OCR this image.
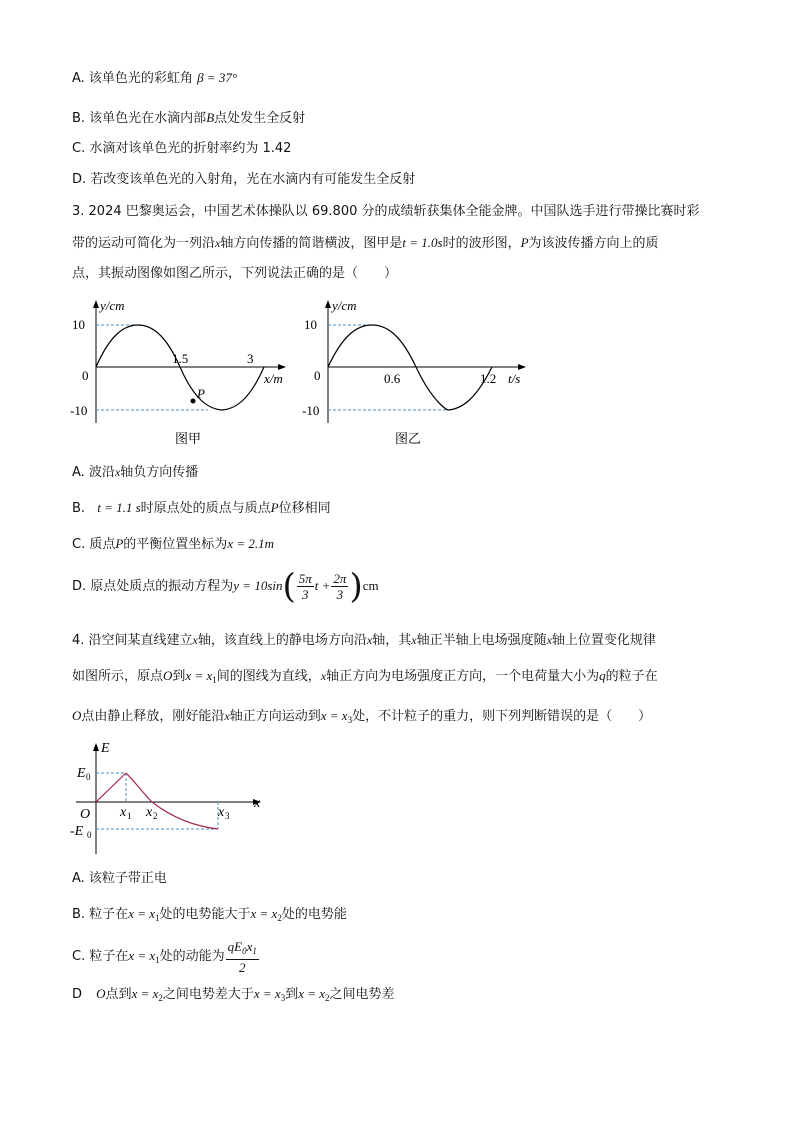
A. 该单色光的彩虹角 β = 37°
B. 该单色光在水滴内部B点处发生全反射
C. 水滴对该单色光的折射率约为 1.42
D. 若改变该单色光的入射角，光在水滴内有可能发生全反射
3. 2024 巴黎奥运会，中国艺术体操队以 69.800 分的成绩斩获集体全能金牌。中国队选手进行带操比赛时彩
带的运动可简化为一列沿x轴方向传播的简谐横波，图甲是t = 1.0s时的波形图，P为该波传播方向上的质
点，其振动图像如图乙所示，下列说法正确的是（　　）
y/cm
10
0
-10
1.5	3
x/m
P
图甲
y/cm
10
0
-10
0.6	1.2 t/s
图乙
A. 波沿x轴负方向传播
B. t = 1.1 s时原点处的质点与质点P位移相同
C. 质点P的平衡位置坐标为x = 2.1m
D. 原点处质点的振动方程为$y = 10\sin( \frac{5\pi}{3}$ $t + \frac{2\pi}{3} )cm$
4. 沿空间某直线建立x轴，该直线上的静电场方向沿x轴，其x轴正半轴上电场强度随x轴上位置变化规律
如图所示，原点O到$x = x_1$间的图线为直线，x轴正方向为电场强度正方向，一个电荷量大小为q的粒子在
O点由静止释放，刚好能沿x轴正方向运动到$x = x_3$处，不计粒子的重力，则下列判断错误的是（　　）
E
E 0
O
-E 0
x 1 x 2	x 3
x
A. 该粒子带正电
B. 粒子在$x = x_1$处的电势能大于$x = x_2$处的电势能
C. 粒子在$x = x_1$处的动能为 $\frac{qE_0x_1}{2}$
D O点到$x = x_2$之间电势差大于$x = x_3$到$x = x_2$之间电势差
